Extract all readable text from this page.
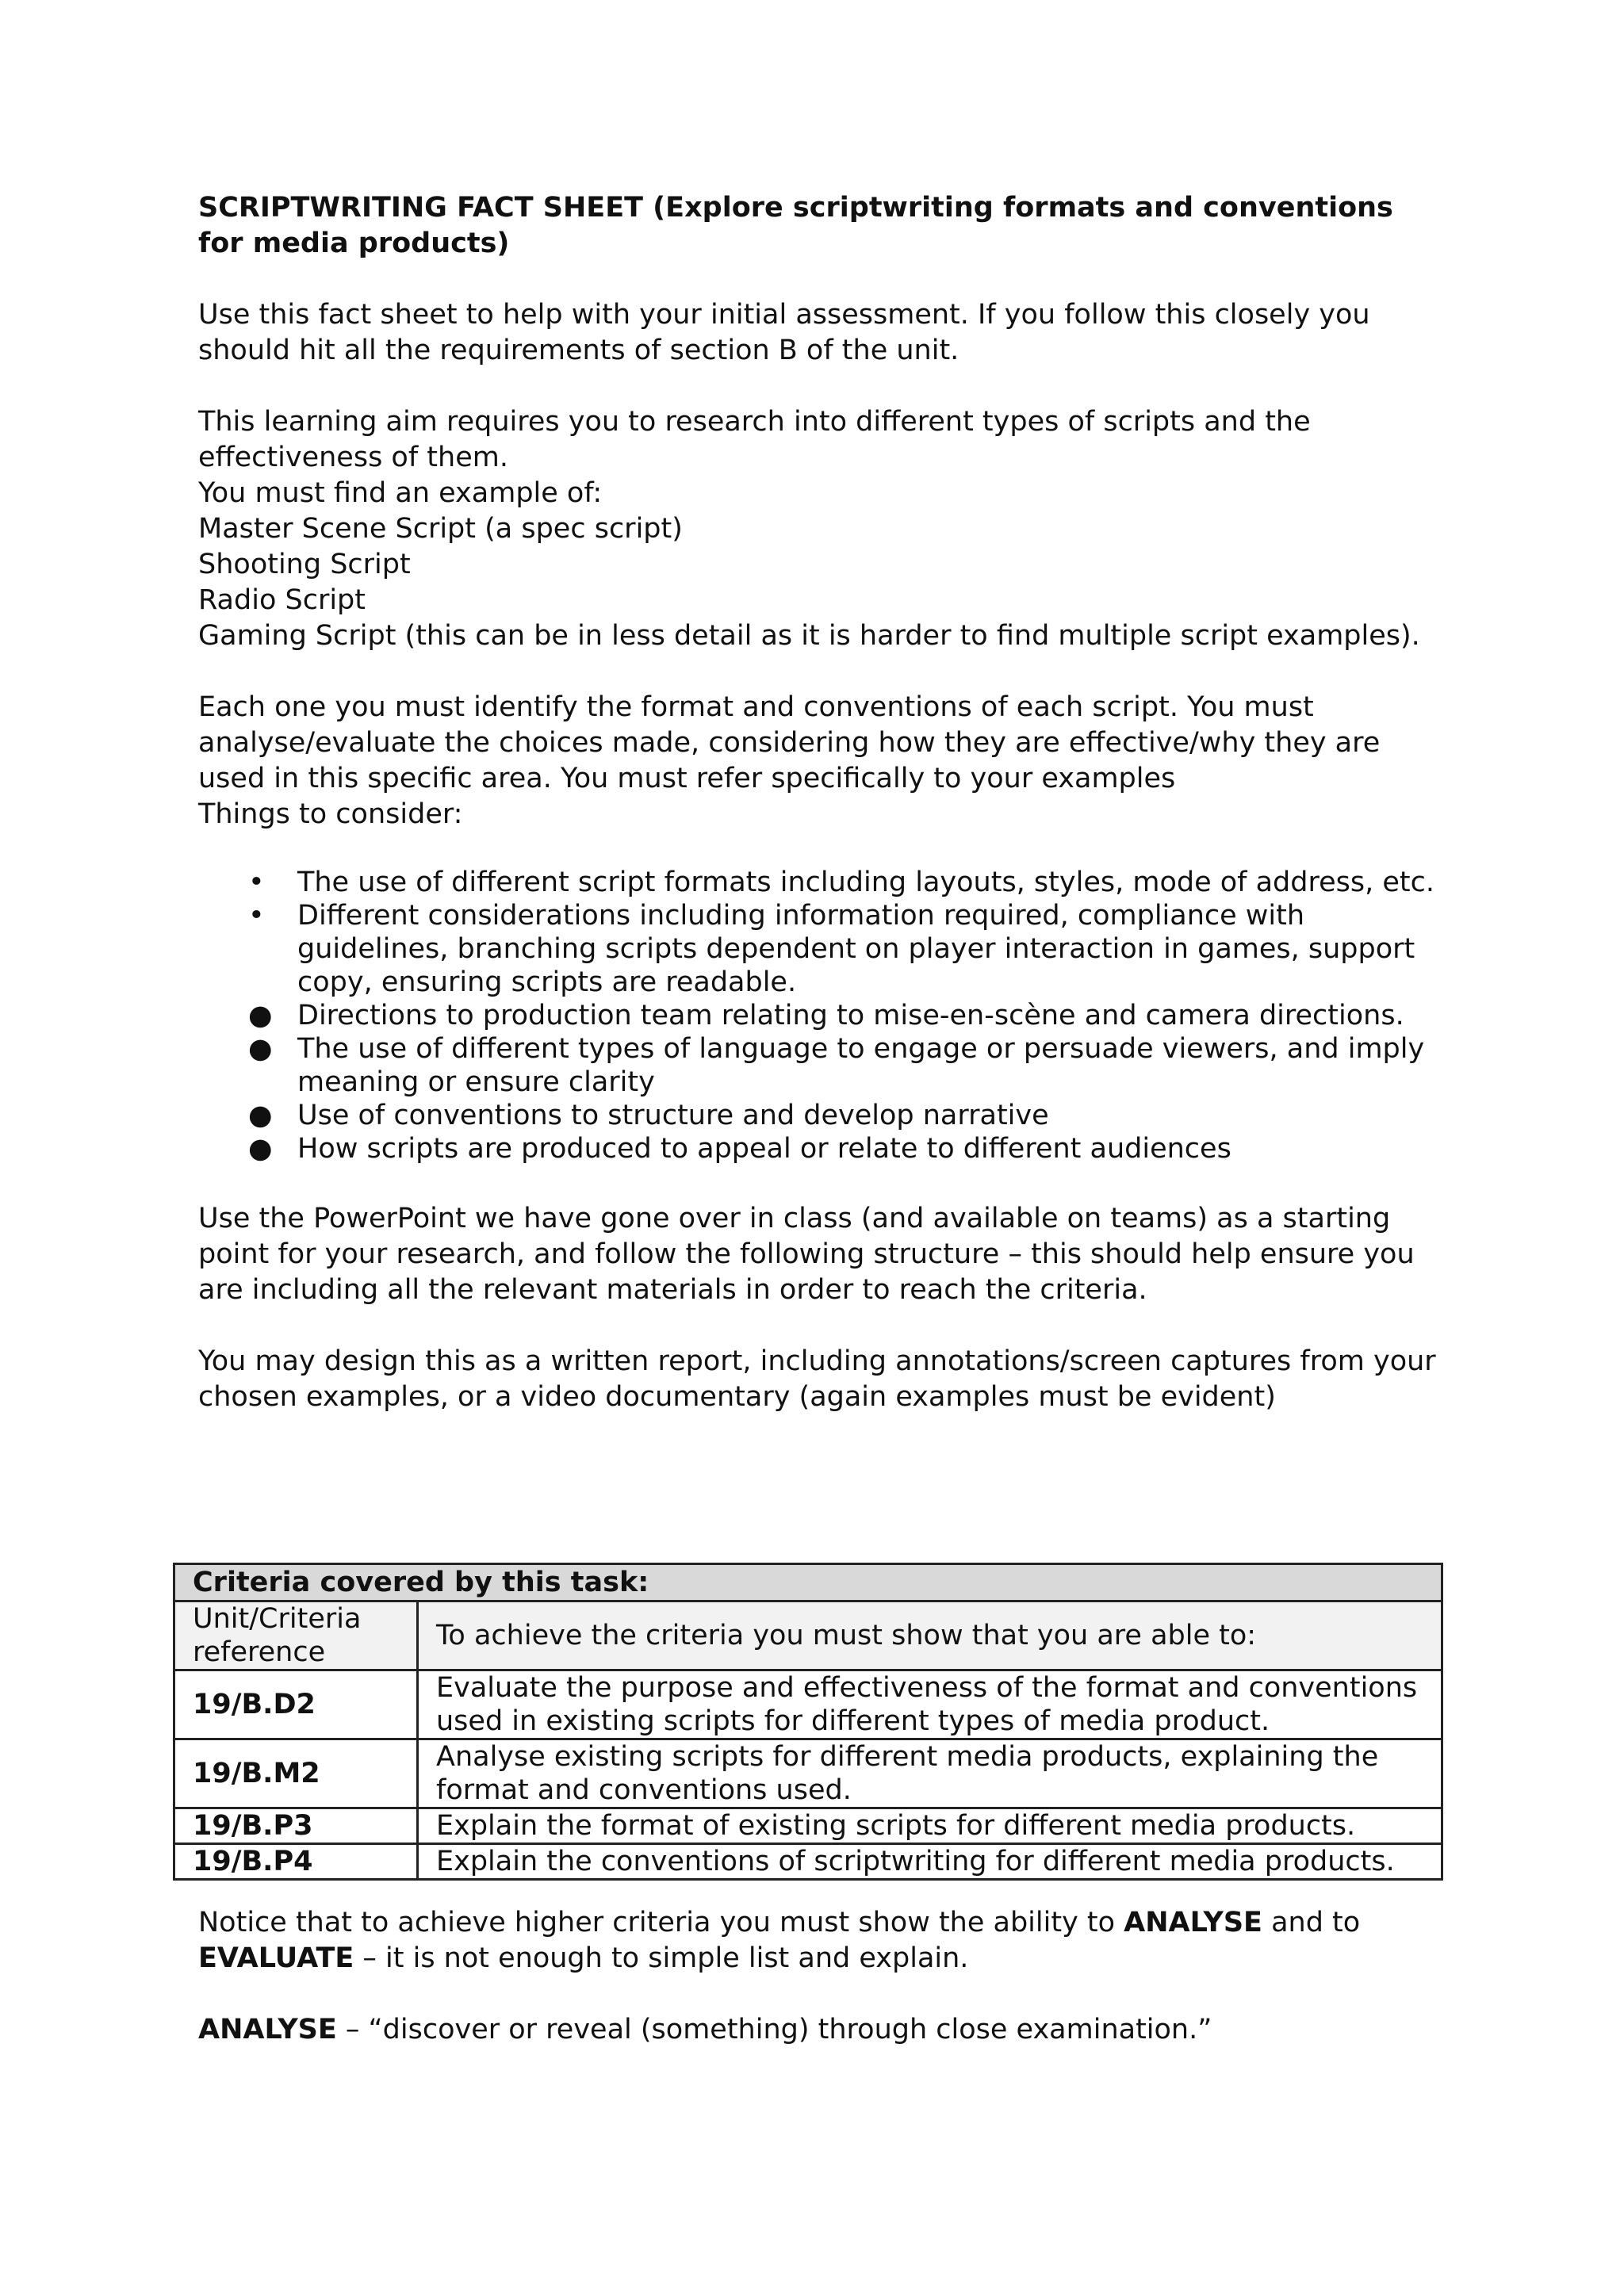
SCRIPTWRITING FACT SHEET (Explore scriptwriting formats and conventions
for media products)

Use this fact sheet to help with your initial assessment. If you follow this closely you
should hit all the requirements of section B of the unit.

This learning aim requires you to research into different types of scripts and the
effectiveness of them.
You must find an example of:
Master Scene Script (a spec script)
Shooting Script
Radio Script
Gaming Script (this can be in less detail as it is harder to find multiple script examples).

Each one you must identify the format and conventions of each script. You must
analyse/evaluate the choices made, considering how they are effective/why they are
used in this specific area. You must refer specifically to your examples
Things to consider:

• The use of different script formats including layouts, styles, mode of address, etc.
• Different considerations including information required, compliance with
guidelines, branching scripts dependent on player interaction in games, support
copy, ensuring scripts are readable.
● Directions to production team relating to mise-en-scène and camera directions.
● The use of different types of language to engage or persuade viewers, and imply
meaning or ensure clarity
● Use of conventions to structure and develop narrative
● How scripts are produced to appeal or relate to different audiences

Use the PowerPoint we have gone over in class (and available on teams) as a starting
point for your research, and follow the following structure – this should help ensure you
are including all the relevant materials in order to reach the criteria.

You may design this as a written report, including annotations/screen captures from your
chosen examples, or a video documentary (again examples must be evident)

Criteria covered by this task:	

Unit/Criteria
reference	To achieve the criteria you must show that you are able to:
19/B.D2	Evaluate the purpose and effectiveness of the format and conventions
used in existing scripts for different types of media product.

19/B.M2	Analyse existing scripts for different media products, explaining the
format and conventions used.

19/B.P3	Explain the format of existing scripts for different media products.

19/B.P4	Explain the conventions of scriptwriting for different media products.

Notice that to achieve higher criteria you must show the ability to ANALYSE and to
EVALUATE – it is not enough to simple list and explain.

ANALYSE – “discover or reveal (something) through close examination.”
